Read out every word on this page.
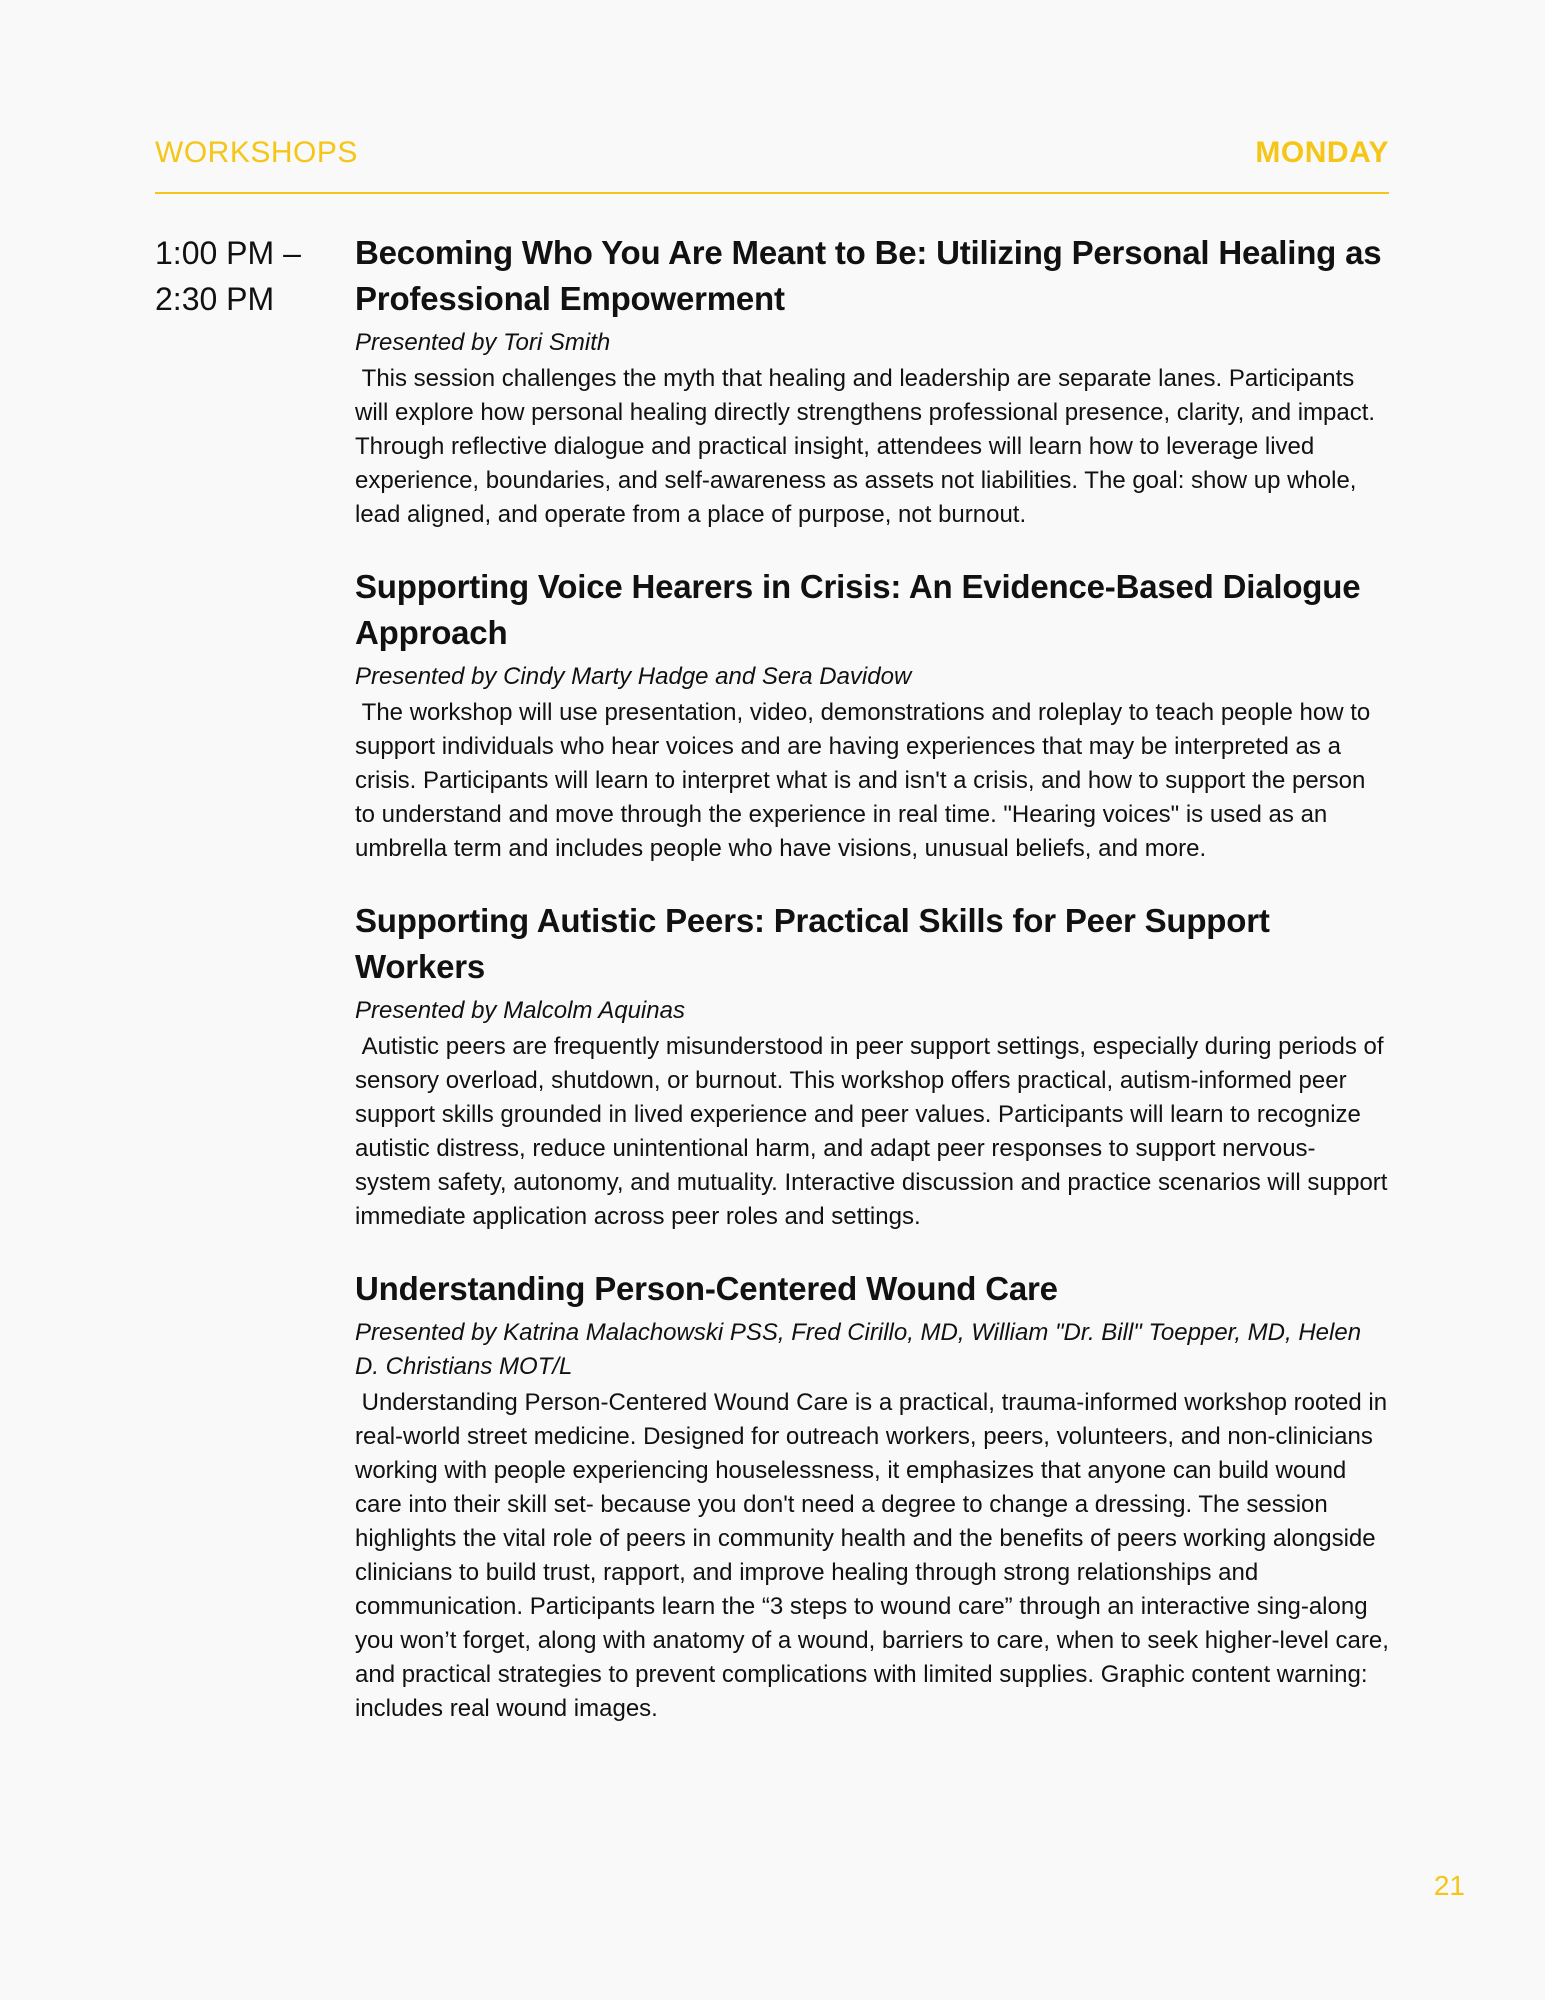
WORKSHOPS	MONDAY
1:00 PM –
2:30 PM
Becoming Who You Are Meant to Be: Utilizing Personal Healing as Professional Empowerment
Presented by Tori Smith
This session challenges the myth that healing and leadership are separate lanes. Participants will explore how personal healing directly strengthens professional presence, clarity, and impact. Through reflective dialogue and practical insight, attendees will learn how to leverage lived experience, boundaries, and self-awareness as assets not liabilities. The goal: show up whole, lead aligned, and operate from a place of purpose, not burnout.
Supporting Voice Hearers in Crisis: An Evidence-Based Dialogue Approach
Presented by Cindy Marty Hadge and Sera Davidow
The workshop will use presentation, video, demonstrations and roleplay to teach people how to support individuals who hear voices and are having experiences that may be interpreted as a crisis. Participants will learn to interpret what is and isn't a crisis, and how to support the person to understand and move through the experience in real time. "Hearing voices" is used as an umbrella term and includes people who have visions, unusual beliefs, and more.
Supporting Autistic Peers: Practical Skills for Peer Support Workers
Presented by Malcolm Aquinas
Autistic peers are frequently misunderstood in peer support settings, especially during periods of sensory overload, shutdown, or burnout. This workshop offers practical, autism-informed peer support skills grounded in lived experience and peer values. Participants will learn to recognize autistic distress, reduce unintentional harm, and adapt peer responses to support nervous-system safety, autonomy, and mutuality. Interactive discussion and practice scenarios will support immediate application across peer roles and settings.
Understanding Person-Centered Wound Care
Presented by Katrina Malachowski PSS, Fred Cirillo, MD, William "Dr. Bill" Toepper, MD, Helen D. Christians MOT/L
Understanding Person-Centered Wound Care is a practical, trauma-informed workshop rooted in real-world street medicine. Designed for outreach workers, peers, volunteers, and non-clinicians working with people experiencing houselessness, it emphasizes that anyone can build wound care into their skill set- because you don't need a degree to change a dressing. The session highlights the vital role of peers in community health and the benefits of peers working alongside clinicians to build trust, rapport, and improve healing through strong relationships and communication. Participants learn the “3 steps to wound care” through an interactive sing-along you won’t forget, along with anatomy of a wound, barriers to care, when to seek higher-level care, and practical strategies to prevent complications with limited supplies. Graphic content warning: includes real wound images.
21
